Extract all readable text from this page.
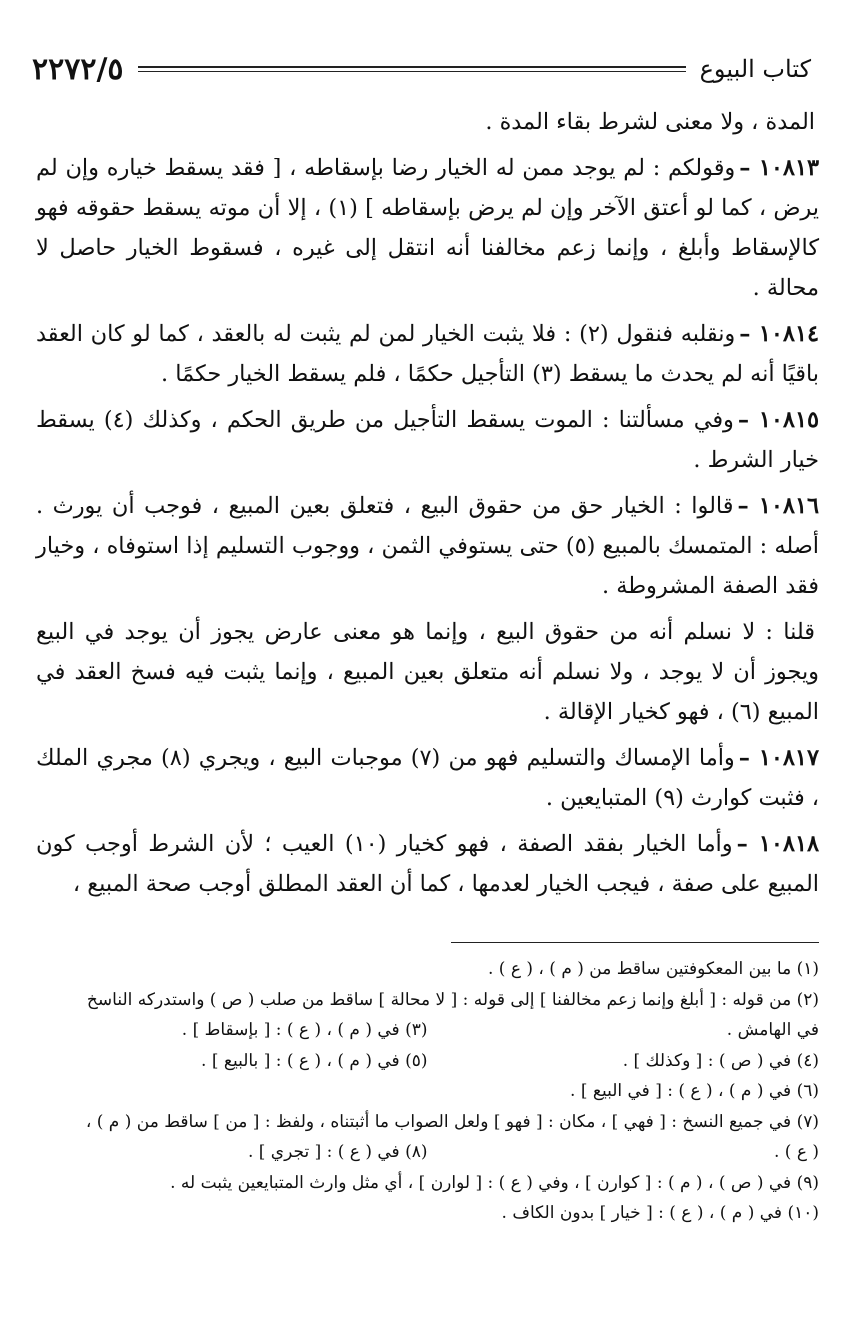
٢٢٧٢/٥	كتاب البيوع

المدة ، ولا معنى لشرط بقاء المدة .

١٠٨١٣ –وقولكم : لم يوجد ممن له الخيار رضا بإسقاطه ، [ فقد يسقط خياره وإن لم يرض ، كما لو أعتق الآخر وإن لم يرض بإسقاطه ] (١) ، إلا أن موته يسقط حقوقه فهو كالإسقاط وأبلغ ، وإنما زعم مخالفنا أنه انتقل إلى غيره ، فسقوط الخيار حاصل لا محالة .

١٠٨١٤ –ونقلبه فنقول (٢) : فلا يثبت الخيار لمن لم يثبت له بالعقد ، كما لو كان العقد باقيًا أنه لم يحدث ما يسقط (٣) التأجيل حكمًا ، فلم يسقط الخيار حكمًا .

١٠٨١٥ –وفي مسألتنا : الموت يسقط التأجيل من طريق الحكم ، وكذلك (٤) يسقط خيار الشرط .

١٠٨١٦ –قالوا : الخيار حق من حقوق البيع ، فتعلق بعين المبيع ، فوجب أن يورث . أصله : المتمسك بالمبيع (٥) حتى يستوفي الثمن ، ووجوب التسليم إذا استوفاه ، وخيار فقد الصفة المشروطة .

قلنا : لا نسلم أنه من حقوق البيع ، وإنما هو معنى عارض يجوز أن يوجد في البيع ويجوز أن لا يوجد ، ولا نسلم أنه متعلق بعين المبيع ، وإنما يثبت فيه فسخ العقد في المبيع (٦) ، فهو كخيار الإقالة .

١٠٨١٧ –وأما الإمساك والتسليم فهو من (٧) موجبات البيع ، ويجري (٨) مجري الملك ، فثبت كوارث (٩) المتبايعين .

١٠٨١٨ –وأما الخيار بفقد الصفة ، فهو كخيار (١٠) العيب ؛ لأن الشرط أوجب كون المبيع على صفة ، فيجب الخيار لعدمها ، كما أن العقد المطلق أوجب صحة المبيع ،

(١) ما بين المعكوفتين ساقط من ( م ) ، ( ع ) .
(٢) من قوله : [ أبلغ وإنما زعم مخالفنا ] إلى قوله : [ لا محالة ] ساقط من صلب ( ص ) واستدركه الناسخ
في الهامش .
(٣) في ( م ) ، ( ع ) : [ بإسقاط ] .
(٤) في ( ص ) : [ وكذلك ] .
(٥) في ( م ) ، ( ع ) : [ بالبيع ] .
(٦) في ( م ) ، ( ع ) : [ في البيع ] .
(٧) في جميع النسخ : [ فهي ] ، مكان : [ فهو ] ولعل الصواب ما أثبتناه ، ولفظ : [ من ] ساقط من ( م ) ،
( ع ) .
(٨) في ( ع ) : [ تجري ] .
(٩) في ( ص ) ، ( م ) : [ كوارن ] ، وفي ( ع ) : [ لوارن ] ، أي مثل وارث المتبايعين يثبت له .
(١٠) في ( م ) ، ( ع ) : [ خيار ] بدون الكاف .
